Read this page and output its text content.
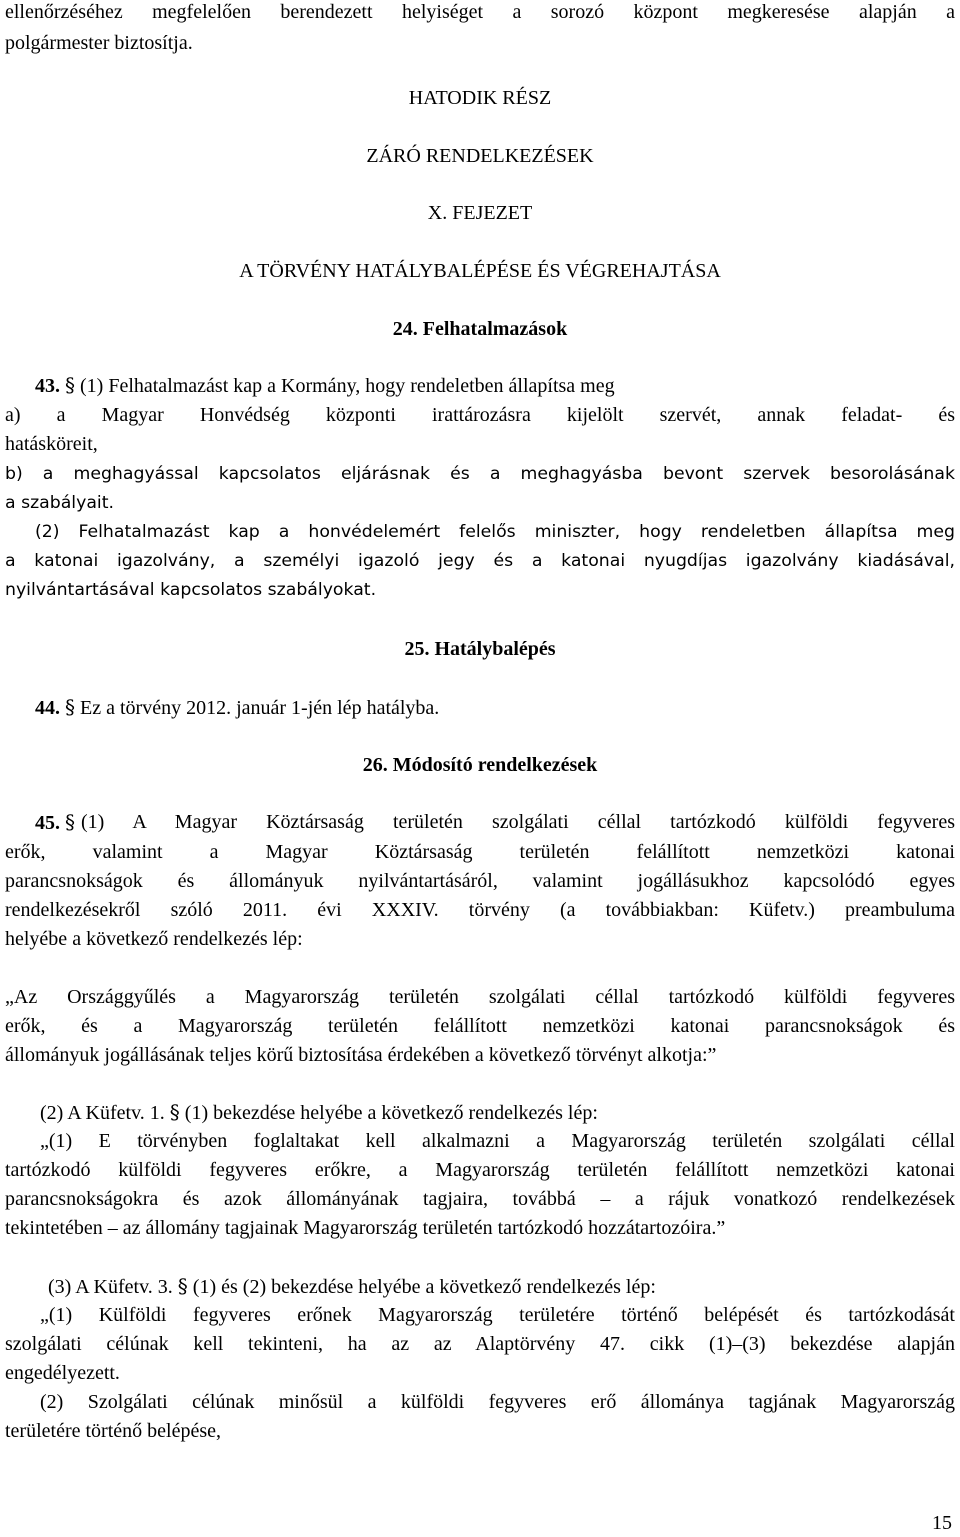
ellenőrzéséhez megfelelően berendezett helyiséget a sorozó központ megkeresése alapján a
polgármester biztosítja.
HATODIK RÉSZ
ZÁRÓ RENDELKEZÉSEK
X. FEJEZET
A TÖRVÉNY HATÁLYBALÉPÉSE ÉS VÉGREHAJTÁSA
24. Felhatalmazások
43. § (1) Felhatalmazást kap a Kormány, hogy rendeletben állapítsa meg
a) a Magyar Honvédség központi irattározásra kijelölt szervét, annak feladat- és
hatásköreit,
b) a meghagyással kapcsolatos eljárásnak és a meghagyásba bevont szervek besorolásának
a szabályait.
(2) Felhatalmazást kap a honvédelemért felelős miniszter, hogy rendeletben állapítsa meg
a katonai igazolvány, a személyi igazoló jegy és a katonai nyugdíjas igazolvány kiadásával,
nyilvántartásával kapcsolatos szabályokat.
25. Hatálybalépés
44. § Ez a törvény 2012. január 1-jén lép hatályba.
26. Módosító rendelkezések
45. § (1) A Magyar Köztársaság területén szolgálati céllal tartózkodó külföldi fegyveres
erők, valamint a Magyar Köztársaság területén felállított nemzetközi katonai
parancsnokságok és állományuk nyilvántartásáról, valamint jogállásukhoz kapcsolódó egyes
rendelkezésekről szóló 2011. évi XXXIV. törvény (a továbbiakban: Küfetv.) preambuluma
helyébe a következő rendelkezés lép:
„Az Országgyűlés a Magyarország területén szolgálati céllal tartózkodó külföldi fegyveres
erők, és a Magyarország területén felállított nemzetközi katonai parancsnokságok és
állományuk jogállásának teljes körű biztosítása érdekében a következő törvényt alkotja:”
(2) A Küfetv. 1. § (1) bekezdése helyébe a következő rendelkezés lép:
„(1) E törvényben foglaltakat kell alkalmazni a Magyarország területén szolgálati céllal
tartózkodó külföldi fegyveres erőkre, a Magyarország területén felállított nemzetközi katonai
parancsnokságokra és azok állományának tagjaira, továbbá – a rájuk vonatkozó rendelkezések
tekintetében – az állomány tagjainak Magyarország területén tartózkodó hozzátartozóira.”
(3) A Küfetv. 3. § (1) és (2) bekezdése helyébe a következő rendelkezés lép:
„(1) Külföldi fegyveres erőnek Magyarország területére történő belépését és tartózkodását
szolgálati célúnak kell tekinteni, ha az az Alaptörvény 47. cikk (1)–(3) bekezdése alapján
engedélyezett.
(2) Szolgálati célúnak minősül a külföldi fegyveres erő állománya tagjának Magyarország
területére történő belépése,
15
